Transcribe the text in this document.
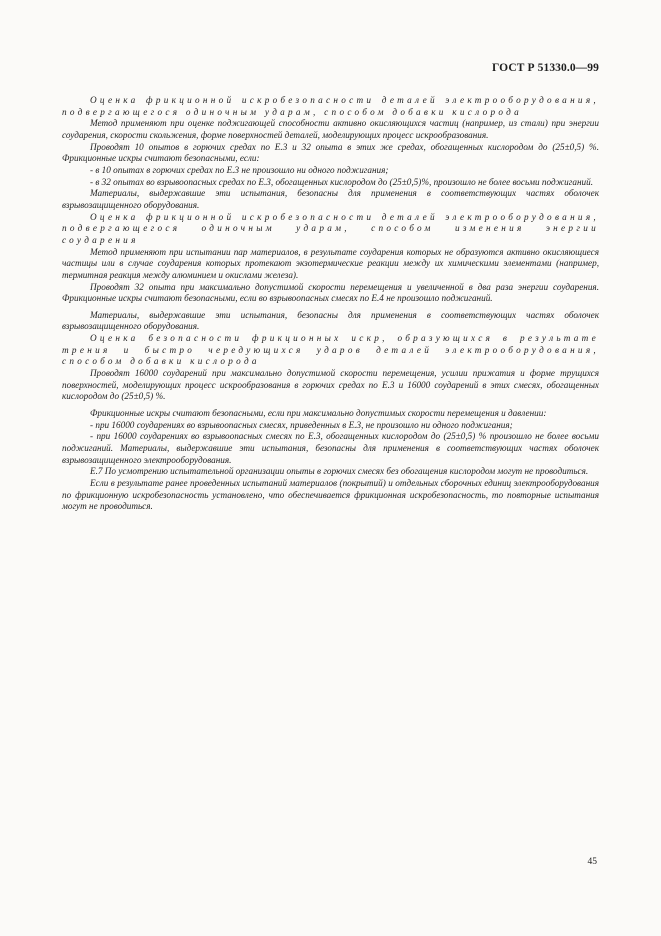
ГОСТ Р 51330.0—99

Оценка фрикционной искробезопасности деталей электрооборудования, подвергающегося одиночным ударам, способом добавки кислорода

Метод применяют при оценке поджигающей способности активно окисляющихся частиц (например, из стали) при энергии соударения, скорости скольжения, форме поверхностей деталей, моделирующих процесс искрообразования.

Проводят 10 опытов в горючих средах по Е.3 и 32 опыта в этих же средах, обогащенных кислородом до (25±0,5) %. Фрикционные искры считают безопасными, если:

- в 10 опытах в горючих средах по Е.3 не произошло ни одного поджигания;

- в 32 опытах во взрывоопасных средах по Е.3, обогащенных кислородом до (25±0,5)%, произошло не более восьми поджиганий.

Материалы, выдержавшие эти испытания, безопасны для применения в соответствующих частях оболочек взрывозащищенного оборудования.

Оценка фрикционной искробезопасности деталей электрооборудования, подвергающегося одиночным ударам, способом изменения энергии соударения

Метод применяют при испытании пар материалов, в результате соударения которых не образуются активно окисляющиеся частицы или в случае соударения которых протекают экзотермические реакции между их химическими элементами (например, термитная реакция между алюминием и окислами железа).

Проводят 32 опыта при максимально допустимой скорости перемещения и увеличенной в два раза энергии соударения. Фрикционные искры считают безопасными, если во взрывоопасных смесях по Е.4 не произошло поджиганий.

Материалы, выдержавшие эти испытания, безопасны для применения в соответствующих частях оболочек взрывозащищенного оборудования.

Оценка безопасности фрикционных искр, образующихся в результате трения и быстро чередующихся ударов деталей электрооборудования, способом добавки кислорода

Проводят 16000 соударений при максимально допустимой скорости перемещения, усилии прижатия и форме трущихся поверхностей, моделирующих процесс искрообразования в горючих средах по Е.3 и 16000 соударений в этих смесях, обогащенных кислородом до (25±0,5) %.

Фрикционные искры считают безопасными, если при максимально допустимых скорости перемещения и давлении:

- при 16000 соударениях во взрывоопасных смесях, приведенных в Е.3, не произошло ни одного поджигания;

- при 16000 соударениях во взрывоопасных смесях по Е.3, обогащенных кислородом до (25±0,5) % произошло не более восьми поджиганий. Материалы, выдержавшие эти испытания, безопасны для применения в соответствующих частях оболочек взрывозащищенного электрооборудования.

Е.7 По усмотрению испытательной организации опыты в горючих смесях без обогащения кислородом могут не проводиться.

Если в результате ранее проведенных испытаний материалов (покрытий) и отдельных сборочных единиц электрооборудования по фрикционную искробезопасность установлено, что обеспечивается фрикционная искробезопасность, то повторные испытания могут не проводиться.

45
